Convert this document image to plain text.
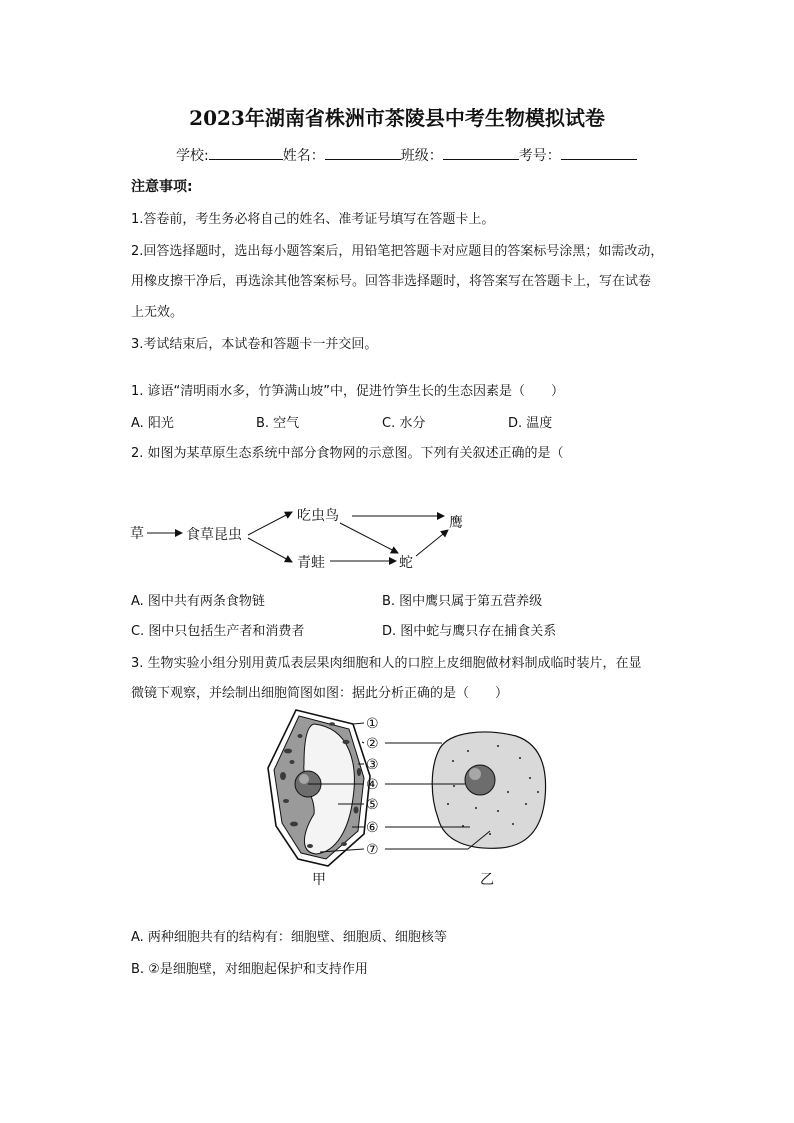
2023年湖南省株洲市茶陵县中考生物模拟试卷
学校:	姓名：	班级：	考号：
注意事项:
1.答卷前，考生务必将自己的姓名、准考证号填写在答题卡上。
2.回答选择题时，选出每小题答案后，用铅笔把答题卡对应题目的答案标号涂黑；如需改动，
用橡皮擦干净后，再选涂其他答案标号。回答非选择题时，将答案写在答题卡上，写在试卷
上无效。
3.考试结束后，本试卷和答题卡一并交回。
1. 谚语“清明雨水多，竹笋满山坡”中，促进竹笋生长的生态因素是（　　）
A. 阳光	B. 空气	C. 水分	D. 温度
2. 如图为某草原生态系统中部分食物网的示意图。下列有关叙述正确的是（
草	食草昆虫
吃虫鸟
青蛙	蛇
鹰
A. 图中共有两条食物链	B. 图中鹰只属于第五营养级
C. 图中只包括生产者和消费者	D. 图中蛇与鹰只存在捕食关系
3. 生物实验小组分别用黄瓜表层果肉细胞和人的口腔上皮细胞做材料制成临时装片，在显
微镜下观察，并绘制出细胞简图如图：据此分析正确的是（　　）
甲	乙
①
②
③
④
⑤
⑥
⑦
A. 两种细胞共有的结构有：细胞壁、细胞质、细胞核等
B. ②是细胞壁，对细胞起保护和支持作用
